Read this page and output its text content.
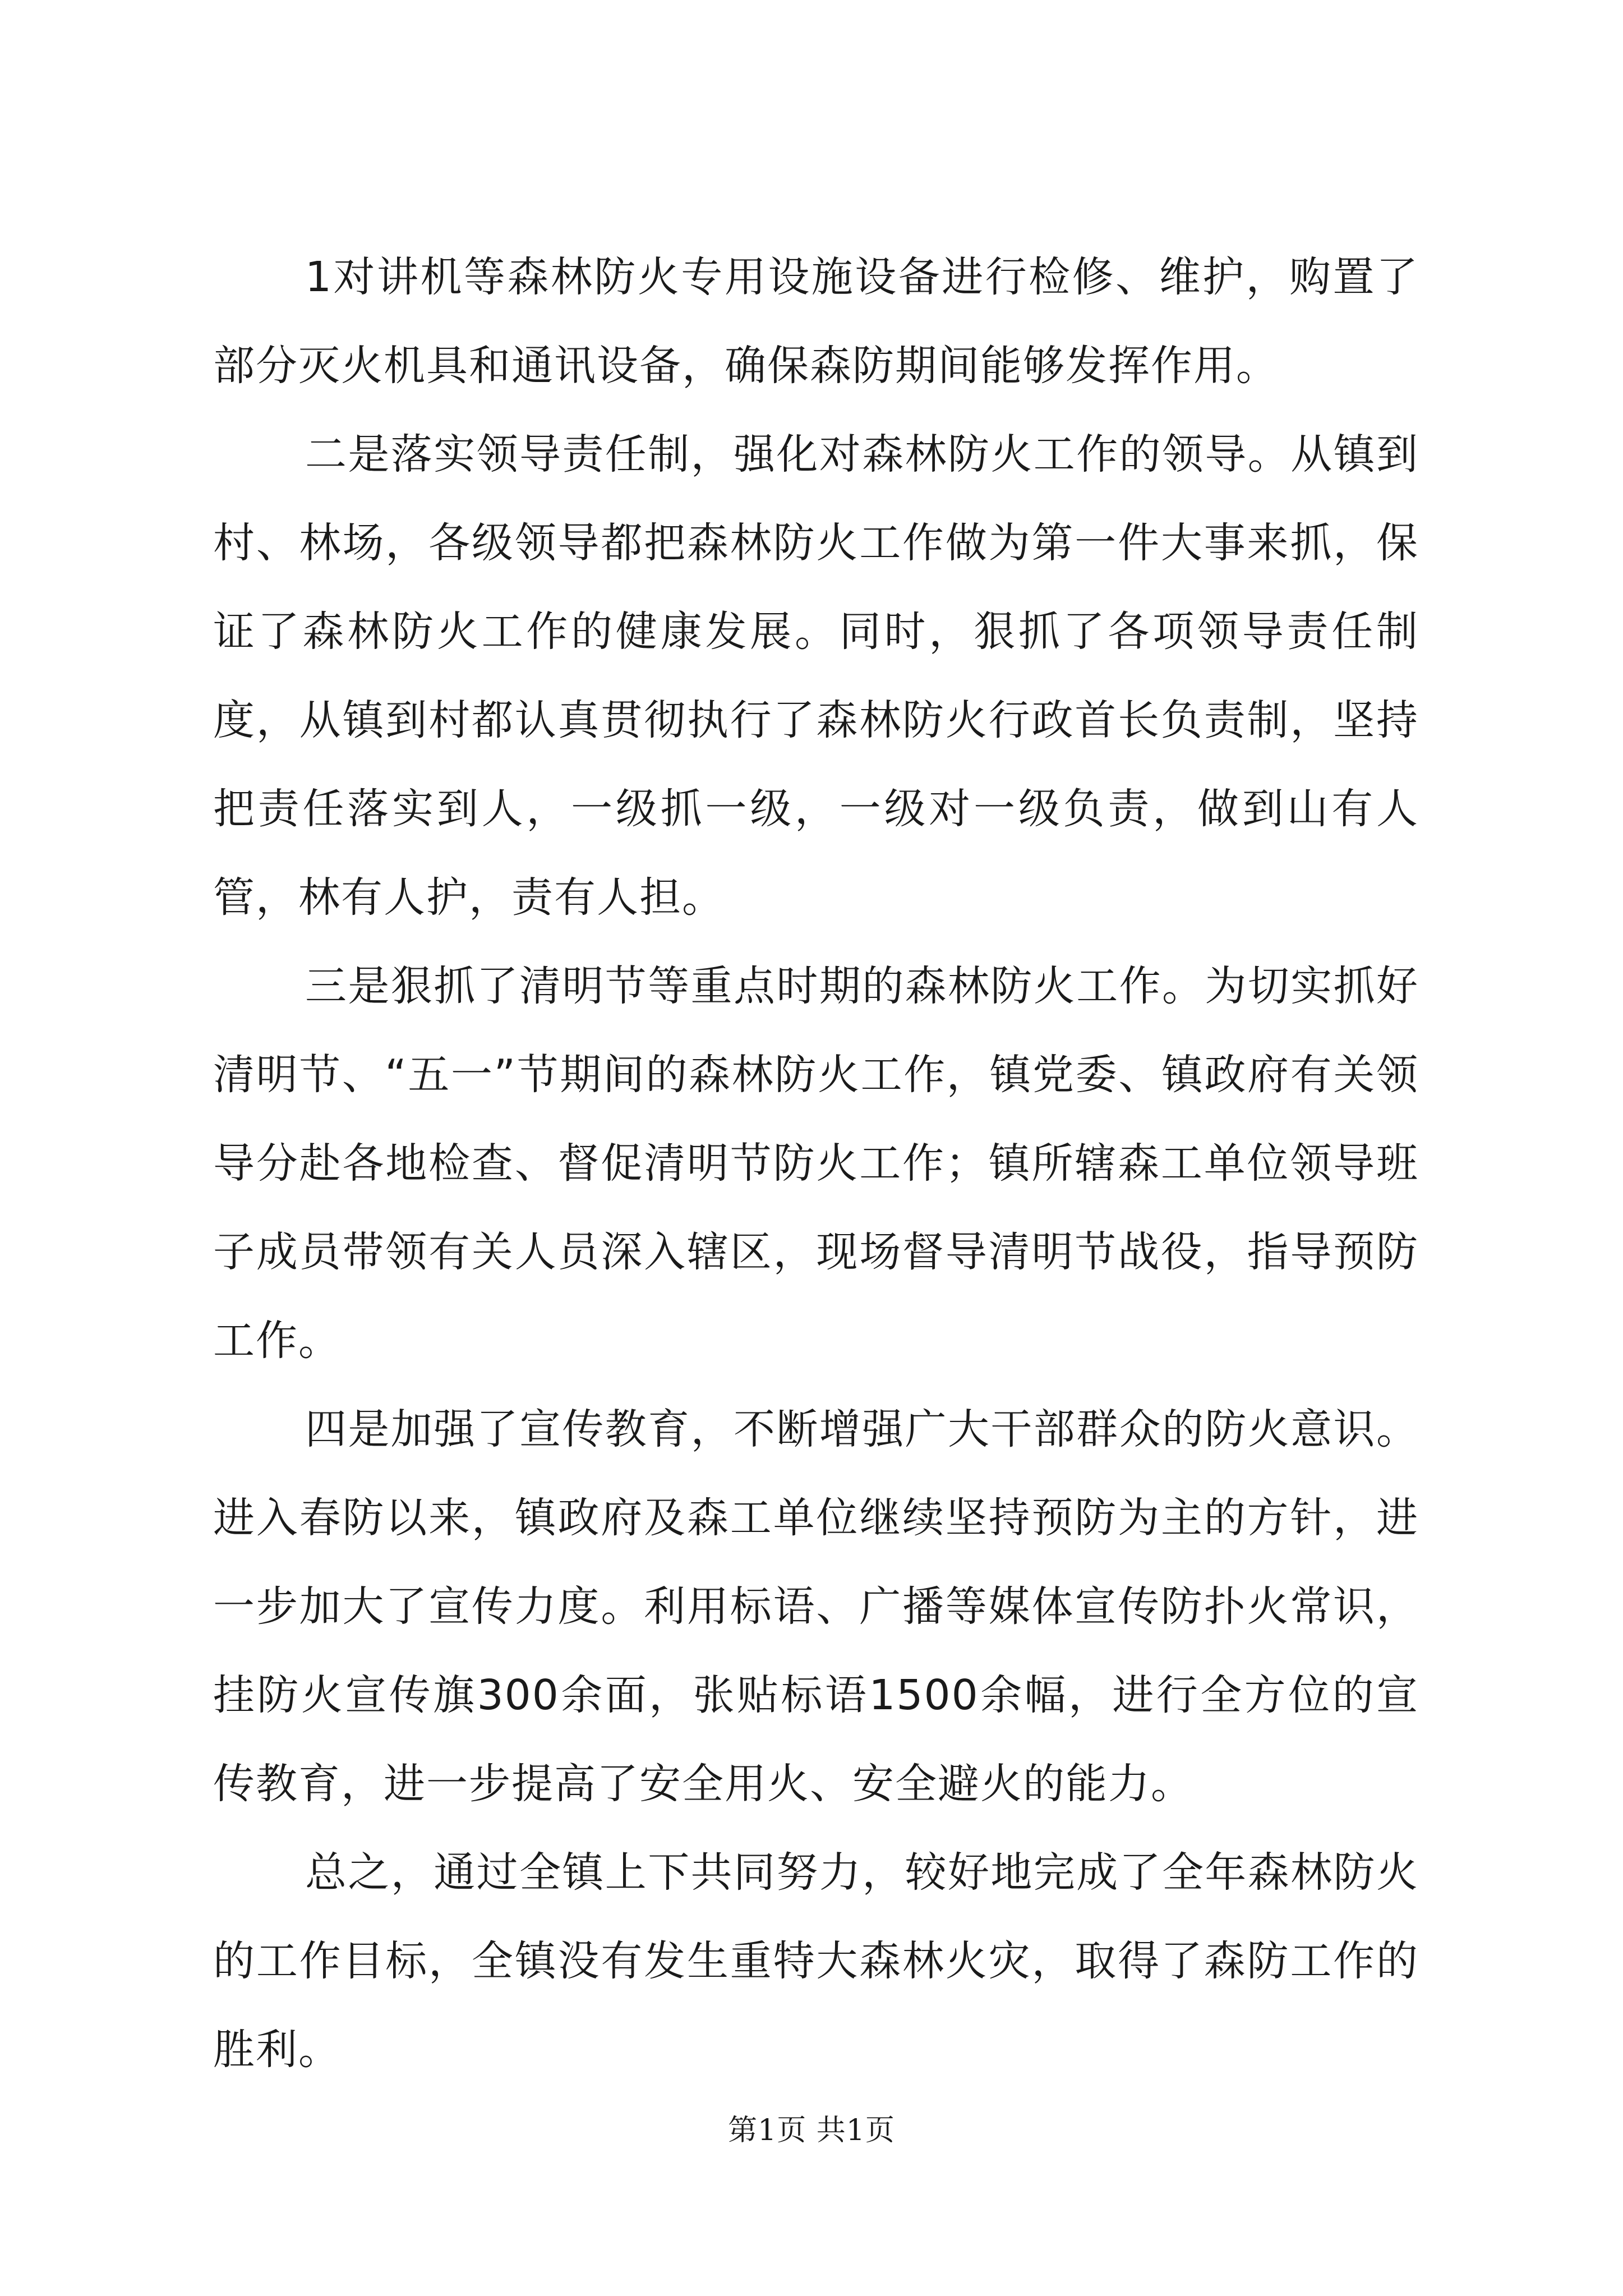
1对讲机等森林防火专用设施设备进行检修、维护，购置了部分灭火机具和通讯设备，确保森防期间能够发挥作用。

二是落实领导责任制，强化对森林防火工作的领导。从镇到村、林场，各级领导都把森林防火工作做为第一件大事来抓，保证了森林防火工作的健康发展。同时，狠抓了各项领导责任制度，从镇到村都认真贯彻执行了森林防火行政首长负责制，坚持把责任落实到人，一级抓一级，一级对一级负责，做到山有人管，林有人护，责有人担。

三是狠抓了清明节等重点时期的森林防火工作。为切实抓好清明节、“五一”节期间的森林防火工作，镇党委、镇政府有关领导分赴各地检查、督促清明节防火工作；镇所辖森工单位领导班子成员带领有关人员深入辖区，现场督导清明节战役，指导预防工作。

四是加强了宣传教育，不断增强广大干部群众的防火意识。进入春防以来，镇政府及森工单位继续坚持预防为主的方针，进一步加大了宣传力度。利用标语、广播等媒体宣传防扑火常识，挂防火宣传旗300余面，张贴标语1500余幅，进行全方位的宣传教育，进一步提高了安全用火、安全避火的能力。

总之，通过全镇上下共同努力，较好地完成了全年森林防火的工作目标，全镇没有发生重特大森林火灾，取得了森防工作的胜利。

第1页 共1页
